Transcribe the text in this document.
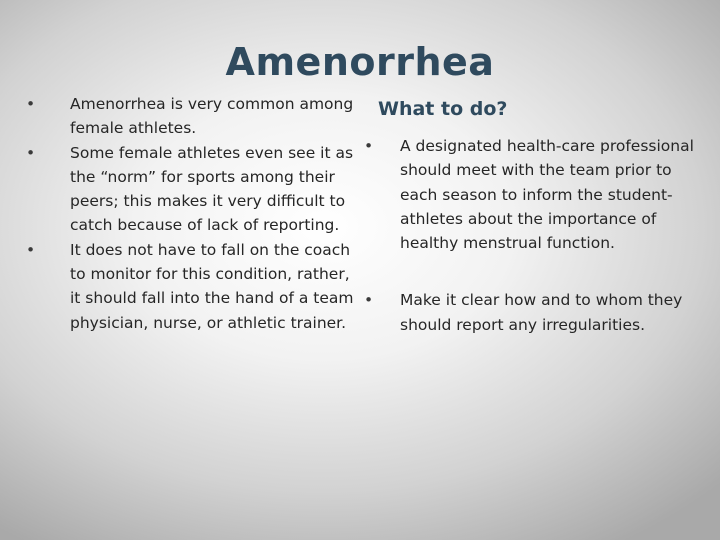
Amenorrhea
• Amenorrhea is very common among female athletes.
• Some female athletes even see it as the “norm” for sports among their peers; this makes it very difficult to catch because of lack of reporting.
• It does not have to fall on the coach to monitor for this condition, rather, it should fall into the hand of a team physician, nurse, or athletic trainer.
What to do?
• A designated health-care professional should meet with the team prior to each season to inform the student-athletes about the importance of healthy menstrual function.
• Make it clear how and to whom they should report any irregularities.
